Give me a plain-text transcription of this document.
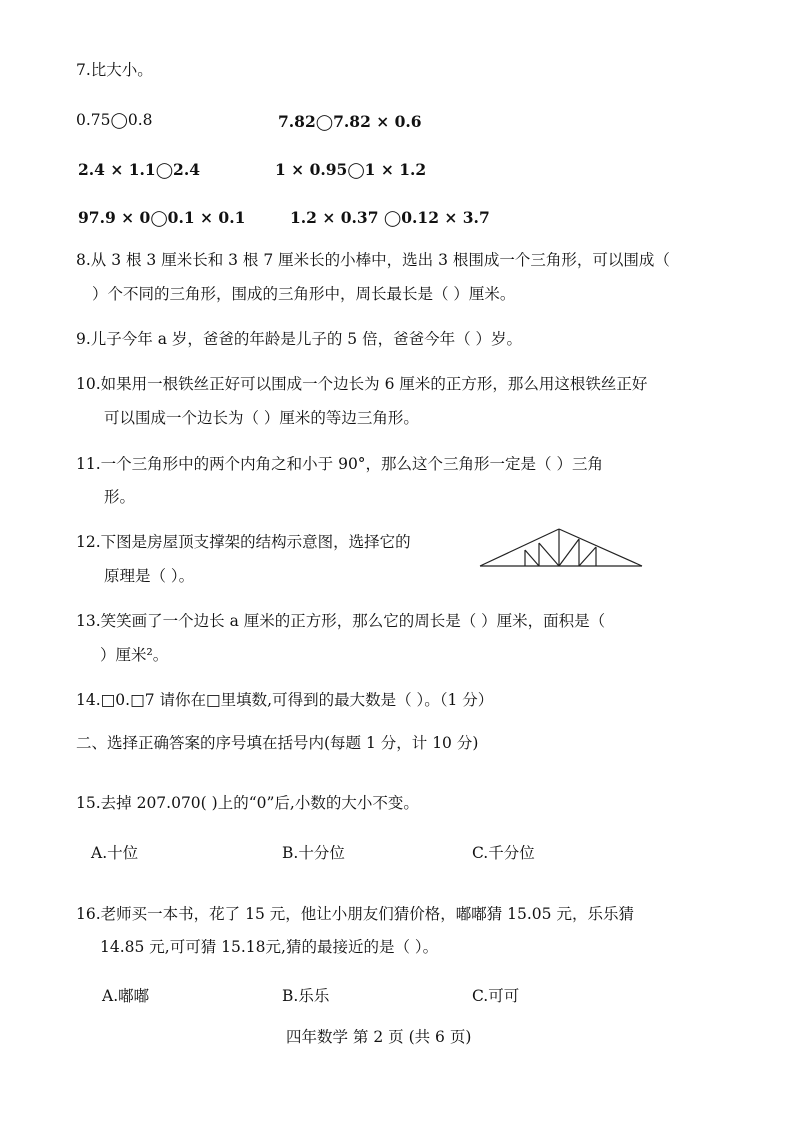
7.比大小。
0.75◯0.8	7.82◯7.82 × 0.6
2.4 × 1.1◯2.4	1 × 0.95◯1 × 1.2
97.9 × 0◯0.1 × 0.1	1.2 × 0.37 ◯0.12 × 3.7
8.从 3 根 3 厘米长和 3 根 7 厘米长的小棒中，选出 3 根围成一个三角形，可以围成（
）个不同的三角形，围成的三角形中，周长最长是（ ）厘米。
9.儿子今年 a 岁，爸爸的年龄是儿子的 5 倍，爸爸今年（ ）岁。
10.如果用一根铁丝正好可以围成一个边长为 6 厘米的正方形，那么用这根铁丝正好
可以围成一个边长为（ ）厘米的等边三角形。
11.一个三角形中的两个内角之和小于 90°，那么这个三角形一定是（ ）三角
形。
12.下图是房屋顶支撑架的结构示意图，选择它的
原理是（ ）。
13.笑笑画了一个边长 a 厘米的正方形，那么它的周长是（ ）厘米，面积是（
）厘米²。
14.□0.□7 请你在□里填数,可得到的最大数是（ ）。（1 分）
二、选择正确答案的序号填在括号内(每题 1 分，计 10 分)
15.去掉 207.070( )上的“0”后,小数的大小不变。
A.十位	B.十分位	C.千分位
16.老师买一本书，花了 15 元，他让小朋友们猜价格，嘟嘟猜 15.05 元，乐乐猜
14.85 元,可可猜 15.18元,猜的最接近的是（ ）。
A.嘟嘟	B.乐乐	C.可可
四年数学 第 2 页 (共 6 页)
